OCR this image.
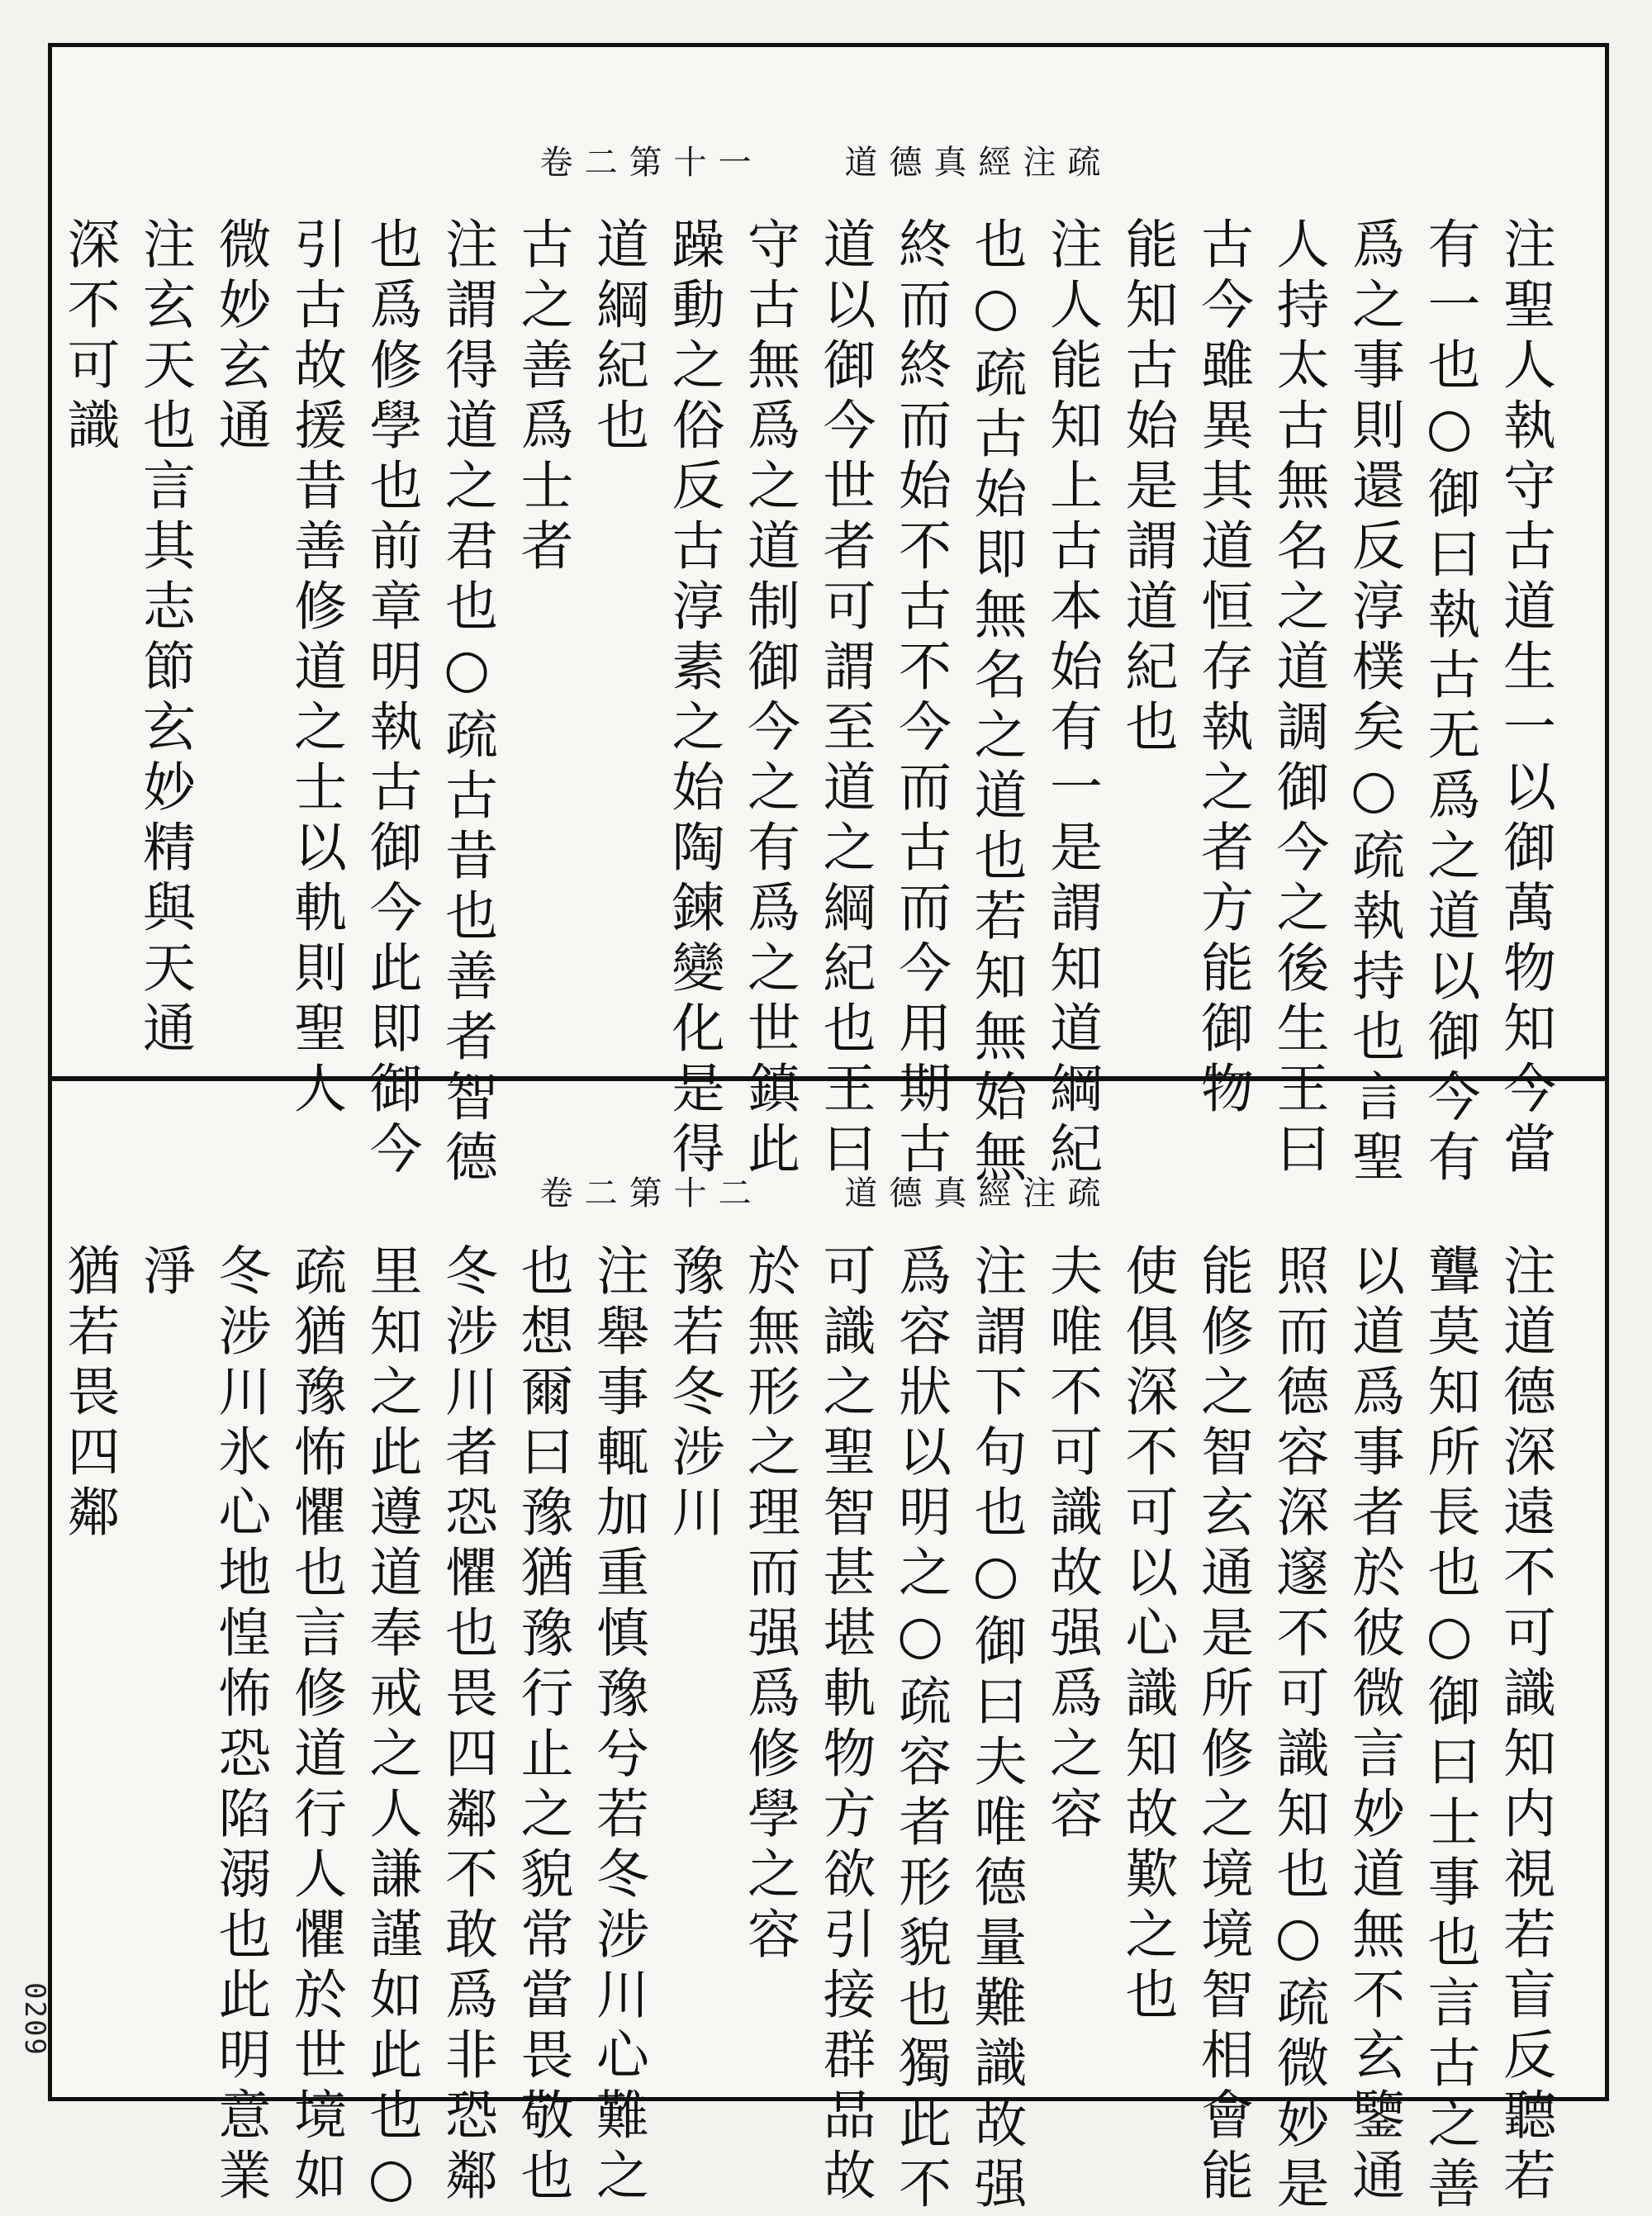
卷二第十一 道德真經注疏
卷二第十二 道德真經注疏
注聖人執守古道生一以御萬物知今當
有一也○御曰執古无爲之道以御今有
爲之事則還反淳樸矣○疏執持也言聖
人持太古無名之道調御今之後生王曰
古今雖異其道恒存執之者方能御物
能知古始是謂道紀也
注人能知上古本始有一是謂知道綱紀
也○疏古始即無名之道也若知無始無
終而終而始不古不今而古而今用期古
道以御今世者可謂至道之綱紀也王曰
守古無爲之道制御今之有爲之世鎮此
躁動之俗反古淳素之始陶鍊變化是得
道綱紀也
古之善爲士者
注謂得道之君也○疏古昔也善者智德
也爲修學也前章明執古御今此即御今
引古故援昔善修道之士以軌則聖人
微妙玄通
注玄天也言其志節玄妙精與天通
深不可識
注道德深遠不可識知内視若盲反聽若
聾莫知所長也○御曰士事也言古之善
以道爲事者於彼微言妙道無不玄鑒通
照而德容深邃不可識知也○疏微妙是
能修之智玄通是所修之境境智相會能
使俱深不可以心識知故歎之也
夫唯不可識故强爲之容
注謂下句也○御曰夫唯德量難識故强
爲容狀以明之○疏容者形貌也獨此不
可識之聖智甚堪軌物方欲引接群品故
於無形之理而强爲修學之容
豫若冬涉川
注舉事輒加重慎豫兮若冬涉川心難之
也想爾曰豫猶豫行止之貌常當畏敬也
冬涉川者恐懼也畏四鄰不敢爲非恐鄰
里知之此遵道奉戒之人謙謹如此也○
疏猶豫怖懼也言修道行人懼於世境如
冬涉川氷心地惶怖恐陷溺也此明意業
淨
猶若畏四鄰
0209
